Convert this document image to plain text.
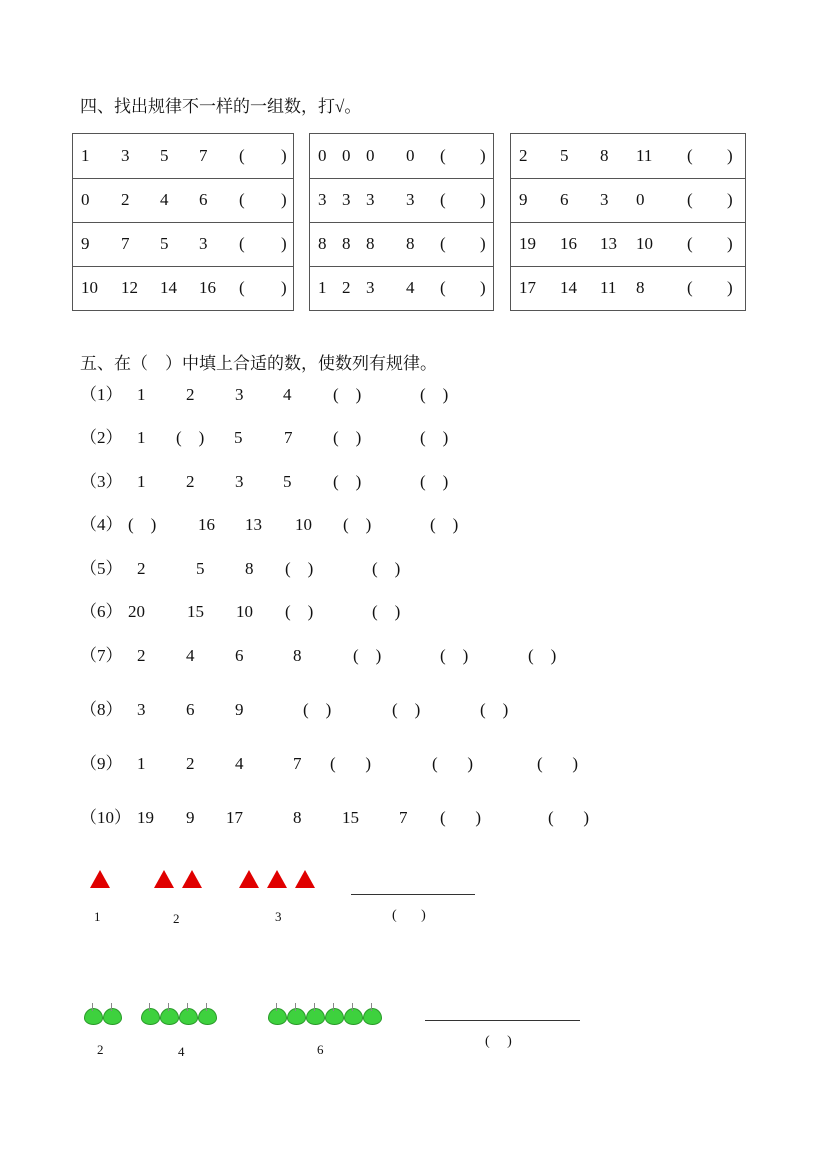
四、找出规律不一样的一组数，打√。
1 3 5 7 ( )
0 2 4 6 ( )
9 7 5 3 ( )
10 12 14 16 ( )
0 0 0 0 ( )
3 3 3 3 ( )
8 8 8 8 ( )
1 2 3 4 ( )
2 5 8 11 ( )
9 6 3 0	( )
19 16 13 10 ( )
17 14 11 8	( )
五、在（    ）中填上合适的数，使数列有规律。
（1） 1 2 3 4 (    )	(    )
（2） 1 (    ) 5 7 (    )	(    )
（3） 1 2 3 5 (    )	(    )
（4） (    ) 16 13 10 (    )	(    )
（5） 2	5 8 (    )	(    )
（6） 20 15 10 (    )	(    )
（7） 2 4 6	8	(    )	(    )	(    )
（8） 3 6 9	(    )	(    )	(    )
（9） 1 2 4	7 (       )	(       )	(       )
（10） 19 9 17	8 15 7 (       )	(       )
1	2	3	(       )
2	4	6
(     )
